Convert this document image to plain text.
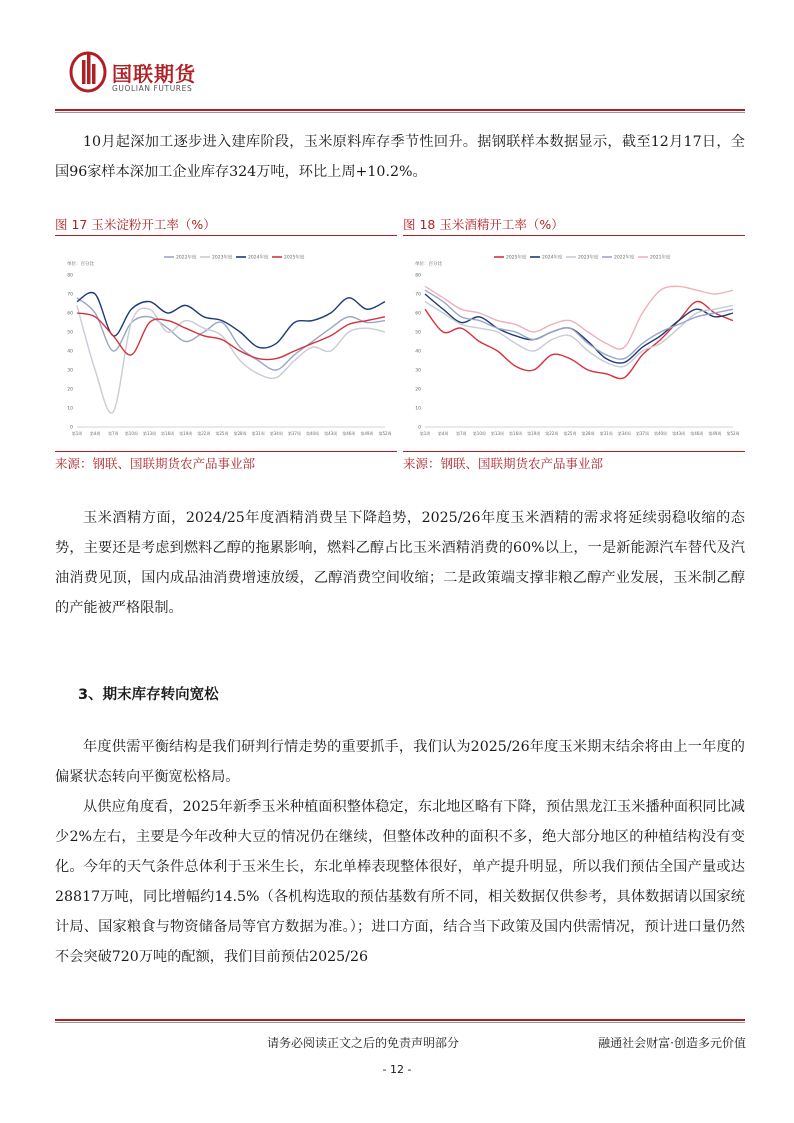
国联期货
GUOLIAN FUTURES

10月起深加工逐步进入建库阶段，玉米原料库存季节性回升。据钢联样本数据显示，截至12月17日，全国96家样本深加工企业库存324万吨，环比上周+10.2%。

图 17 玉米淀粉开工率（%）
单位：百分比
2022年度	2023年度	2024年度	2025年度
0
10
20
30
40
50
60
70
80
第1周 第4周 第7周 第10周 第13周 第16周 第19周 第22周 第25周 第28周 第31周 第34周 第37周 第40周 第43周 第46周 第49周 第52周
来源：钢联、国联期货农产品事业部
图 18 玉米酒精开工率（%）
单位：百分比
2025年度	2024年度	2023年度	2022年度	2021年度
0
10
20
30
40
50
60
70
80
第1周 第4周 第7周 第10周 第13周 第16周 第19周 第22周 第25周 第28周 第31周 第34周 第37周 第40周 第43周 第46周 第49周 第52周
来源：钢联、国联期货农产品事业部

玉米酒精方面，2024/25年度酒精消费呈下降趋势，2025/26年度玉米酒精的需求将延续弱稳收缩的态势，主要还是考虑到燃料乙醇的拖累影响，燃料乙醇占比玉米酒精消费的60%以上，一是新能源汽车替代及汽油消费见顶，国内成品油消费增速放缓，乙醇消费空间收缩；二是政策端支撑非粮乙醇产业发展，玉米制乙醇的产能被严格限制。

3、期末库存转向宽松

年度供需平衡结构是我们研判行情走势的重要抓手，我们认为2025/26年度玉米期末结余将由上一年度的偏紧状态转向平衡宽松格局。

从供应角度看，2025年新季玉米种植面积整体稳定，东北地区略有下降，预估黑龙江玉米播种面积同比减少2%左右，主要是今年改种大豆的情况仍在继续，但整体改种的面积不多，绝大部分地区的种植结构没有变化。今年的天气条件总体利于玉米生长，东北单棒表现整体很好，单产提升明显，所以我们预估全国产量或达28817万吨，同比增幅约14.5%（各机构选取的预估基数有所不同，相关数据仅供参考，具体数据请以国家统计局、国家粮食与物资储备局等官方数据为准。）；进口方面，结合当下政策及国内供需情况，预计进口量仍然不会突破720万吨的配额，我们目前预估2025/26

请务必阅读正文之后的免责声明部分	融通社会财富·创造多元价值
- 12 -
